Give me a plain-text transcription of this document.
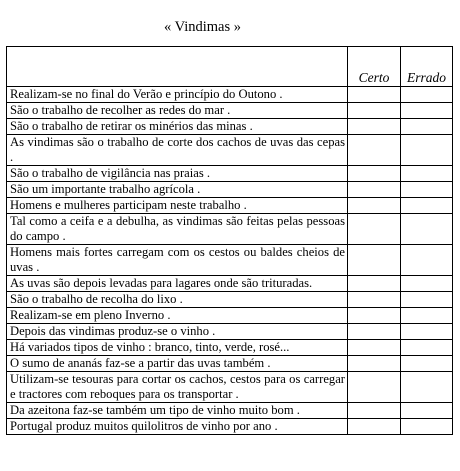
« Vindimas »
	Certo	Errado
Realizam-se no final do Verão e princípio do Outono .		
São o trabalho de recolher as redes do mar .		
São o trabalho de retirar os minérios das minas .		
As vindimas são o trabalho de corte dos cachos de uvas das cepas .		
São o trabalho de vigilância nas praias .		
São um importante trabalho agrícola .		
Homens e mulheres participam neste trabalho .		
Tal como a ceifa e a debulha, as vindimas são feitas pelas pessoas do campo .		
Homens mais fortes carregam com os cestos ou baldes cheios de uvas .		
As uvas são depois levadas para lagares onde são trituradas.		
São o trabalho de recolha do lixo .		
Realizam-se em pleno Inverno .		
Depois das vindimas produz-se o vinho .		
Há variados tipos de vinho : branco, tinto, verde, rosé...		
O sumo de ananás faz-se a partir das uvas também .		
Utilizam-se tesouras para cortar os cachos, cestos para os carregar e tractores com reboques para os transportar .		
Da azeitona faz-se também um tipo de vinho muito bom .		
Portugal produz muitos quilolitros de vinho por ano .		
